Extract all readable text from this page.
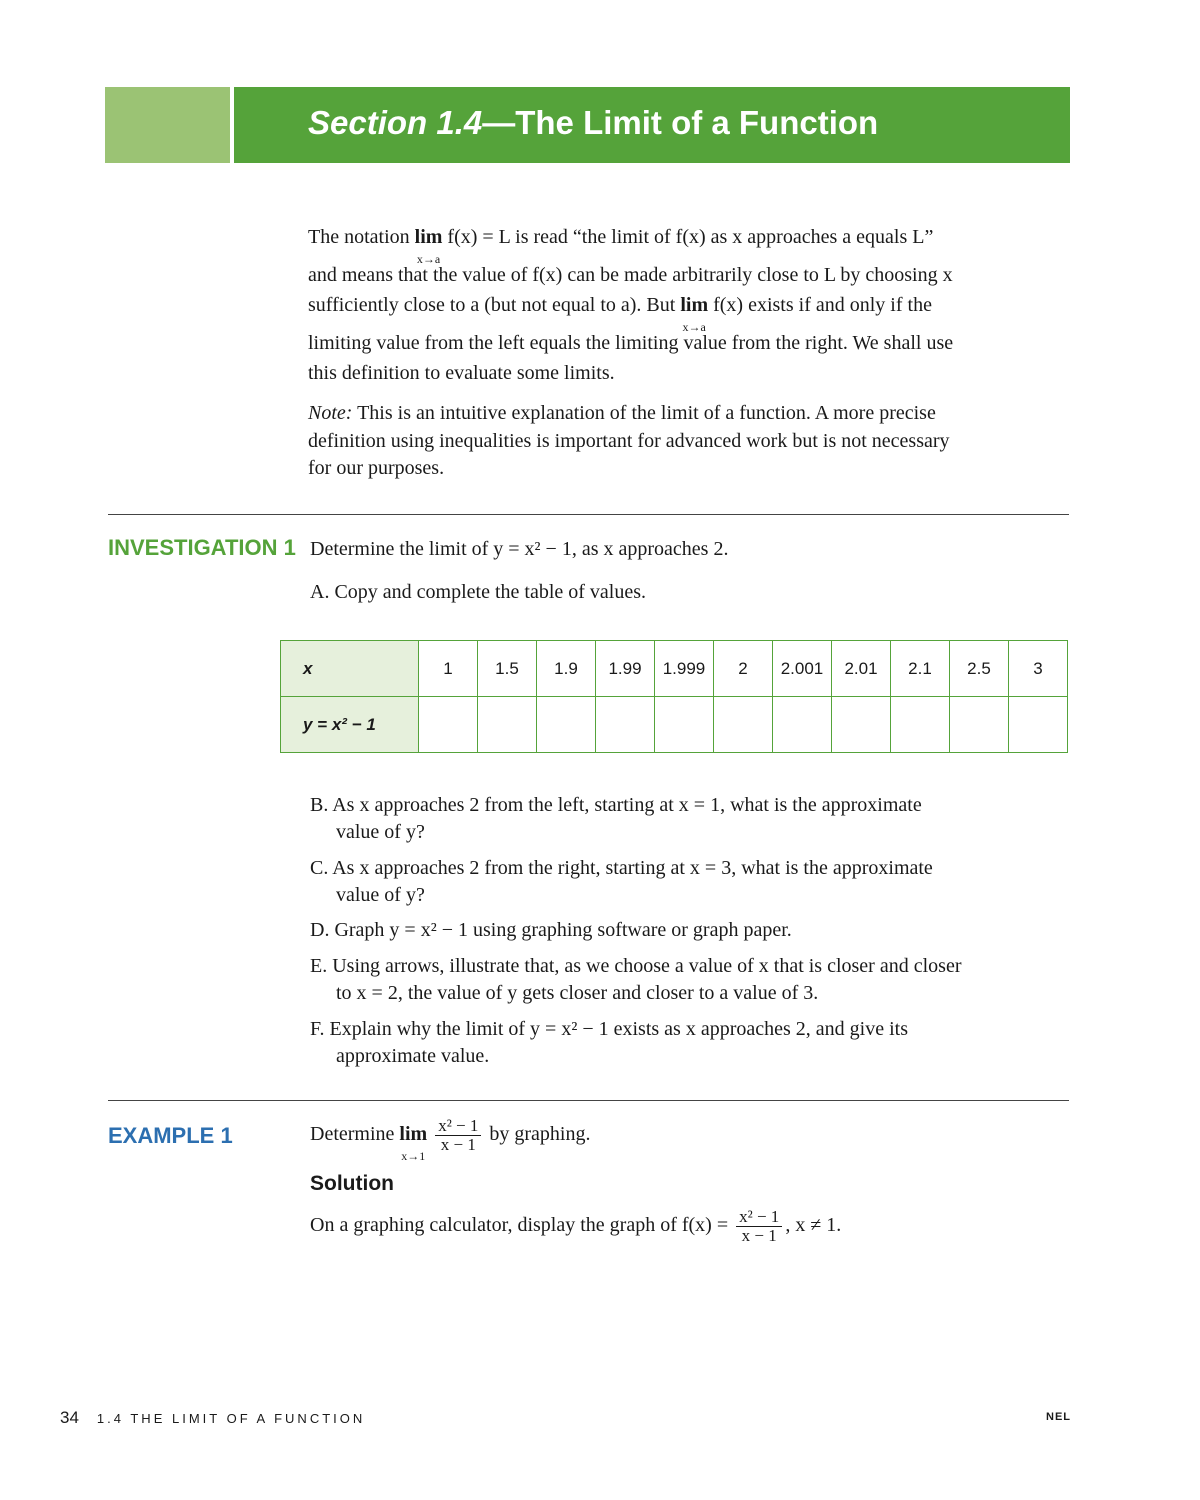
Section 1.4—The Limit of a Function

The notation lim
x→a
f(x) = L is read “the limit of f(x) as x approaches a equals L”

and means that the value of f(x) can be made arbitrarily close to L by choosing x

sufficiently close to a (but not equal to a). But lim
x→a
f(x) exists if and only if the

limiting value from the left equals the limiting value from the right. We shall use

this definition to evaluate some limits.

Note: This is an intuitive explanation of the limit of a function. A more precise

definition using inequalities is important for advanced work but is not necessary

for our purposes.

INVESTIGATION 1 Determine the limit of y = x² − 1, as x approaches 2.
A. Copy and complete the table of values.
x	1	1.5	1.9	1.99	1.999	2	2.001	2.01	2.1	2.5	3
y = x² − 1											
B. As x approaches 2 from the left, starting at x = 1, what is the approximate
value of y?
C. As x approaches 2 from the right, starting at x = 3, what is the approximate
value of y?
D. Graph y = x² − 1 using graphing software or graph paper.
E. Using arrows, illustrate that, as we choose a value of x that is closer and closer
to x = 2, the value of y gets closer and closer to a value of 3.
F. Explain why the limit of y = x² − 1 exists as x approaches 2, and give its
approximate value.
EXAMPLE 1	Determine lim
x→1

$\frac{\text{x² − 1}}{x - 1}$ by graphing.
Solution
On a graphing calculator, display the graph of $f(x) = \frac{\text{x² − 1}}{x - 1}$ , x ≠ 1.
34 1.4 THE LIMIT OF A FUNCTION	NEL
